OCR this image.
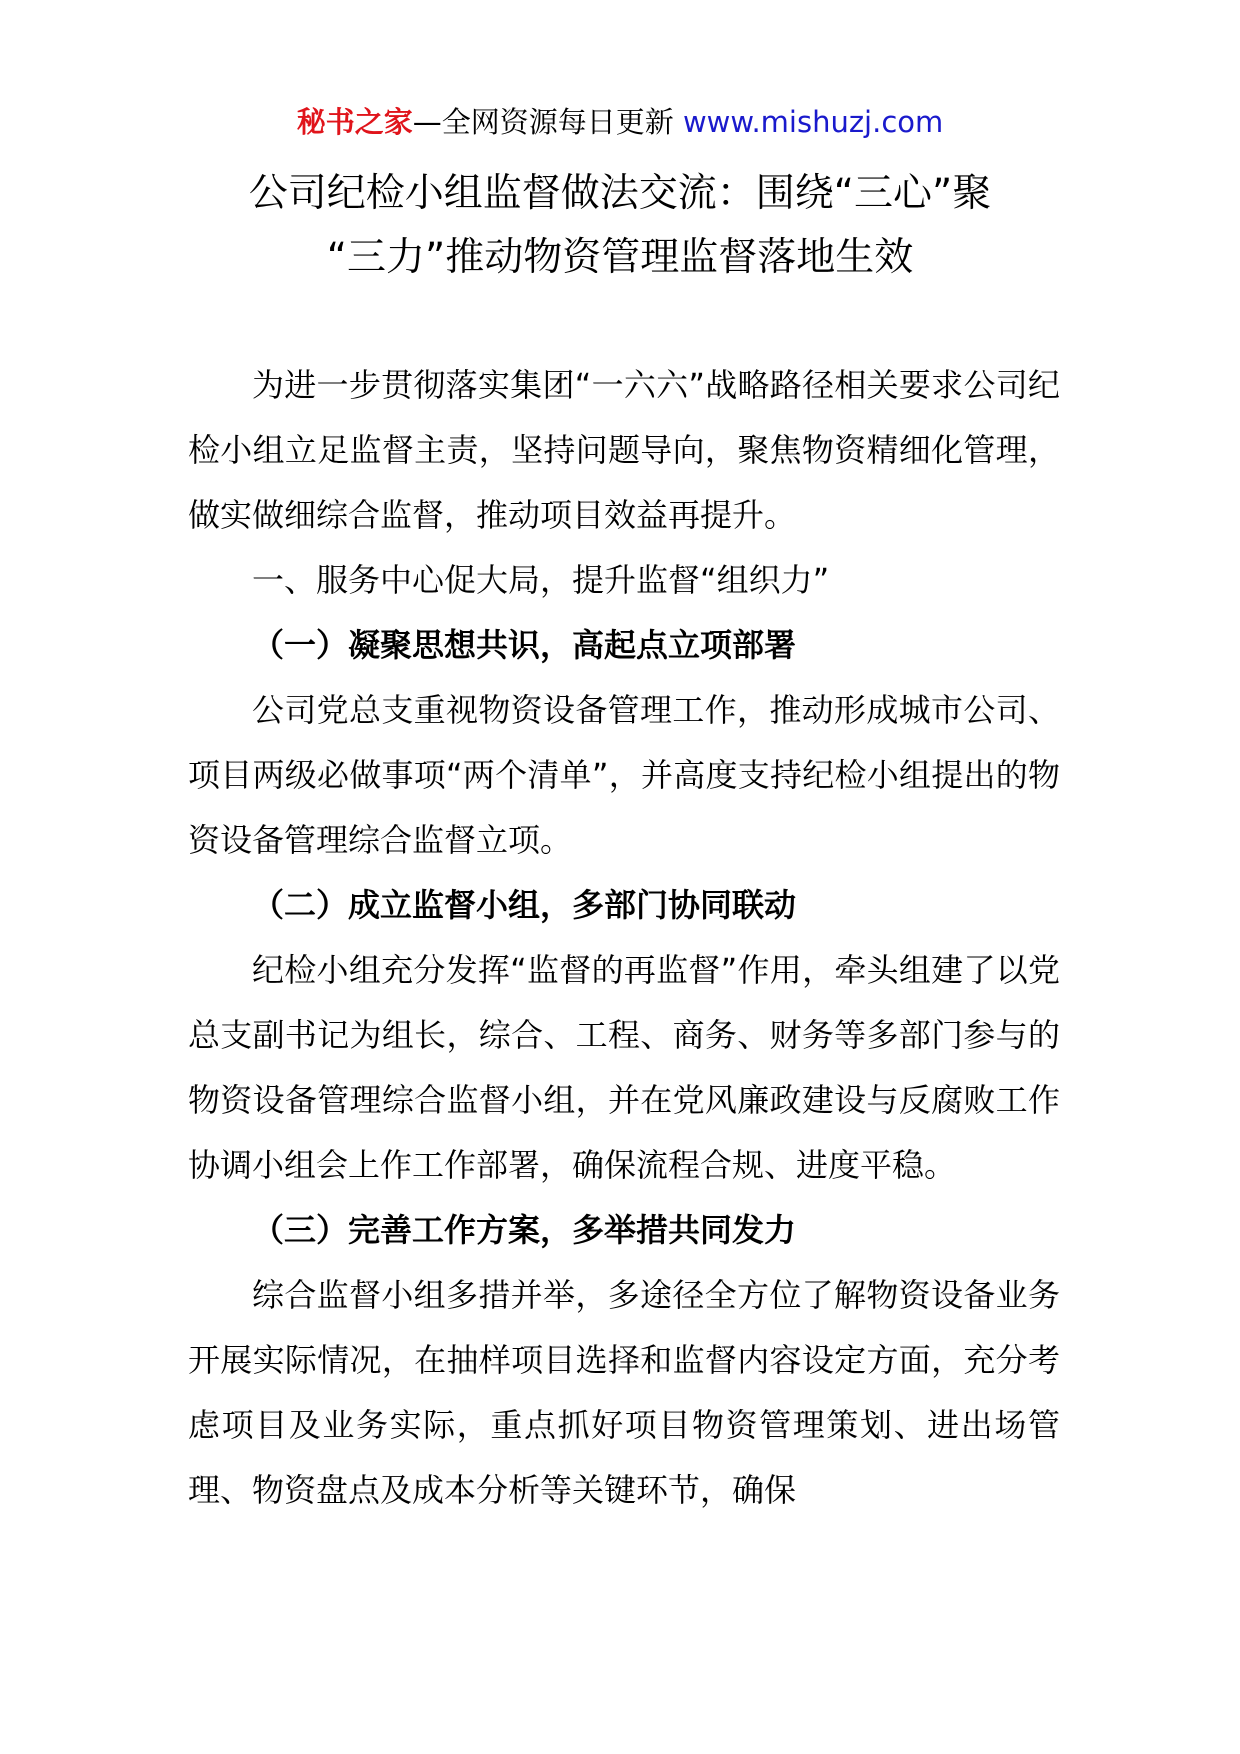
秘书之家—全网资源每日更新 www.mishuzj.com
公司纪检小组监督做法交流：围绕“三心”聚
“三力”推动物资管理监督落地生效

为进一步贯彻落实集团“一六六”战略路径相关要求公司纪检小组立足监督主责，坚持问题导向，聚焦物资精细化管理，做实做细综合监督，推动项目效益再提升。

一、服务中心促大局，提升监督“组织力”

（一）凝聚思想共识，高起点立项部署

公司党总支重视物资设备管理工作，推动形成城市公司、项目两级必做事项“两个清单”，并高度支持纪检小组提出的物资设备管理综合监督立项。

（二）成立监督小组，多部门协同联动

纪检小组充分发挥“监督的再监督”作用，牵头组建了以党总支副书记为组长，综合、工程、商务、财务等多部门参与的物资设备管理综合监督小组，并在党风廉政建设与反腐败工作协调小组会上作工作部署，确保流程合规、进度平稳。

（三）完善工作方案，多举措共同发力

综合监督小组多措并举，多途径全方位了解物资设备业务开展实际情况，在抽样项目选择和监督内容设定方面，充分考虑项目及业务实际，重点抓好项目物资管理策划、进出场管理、物资盘点及成本分析等关键环节，确保
